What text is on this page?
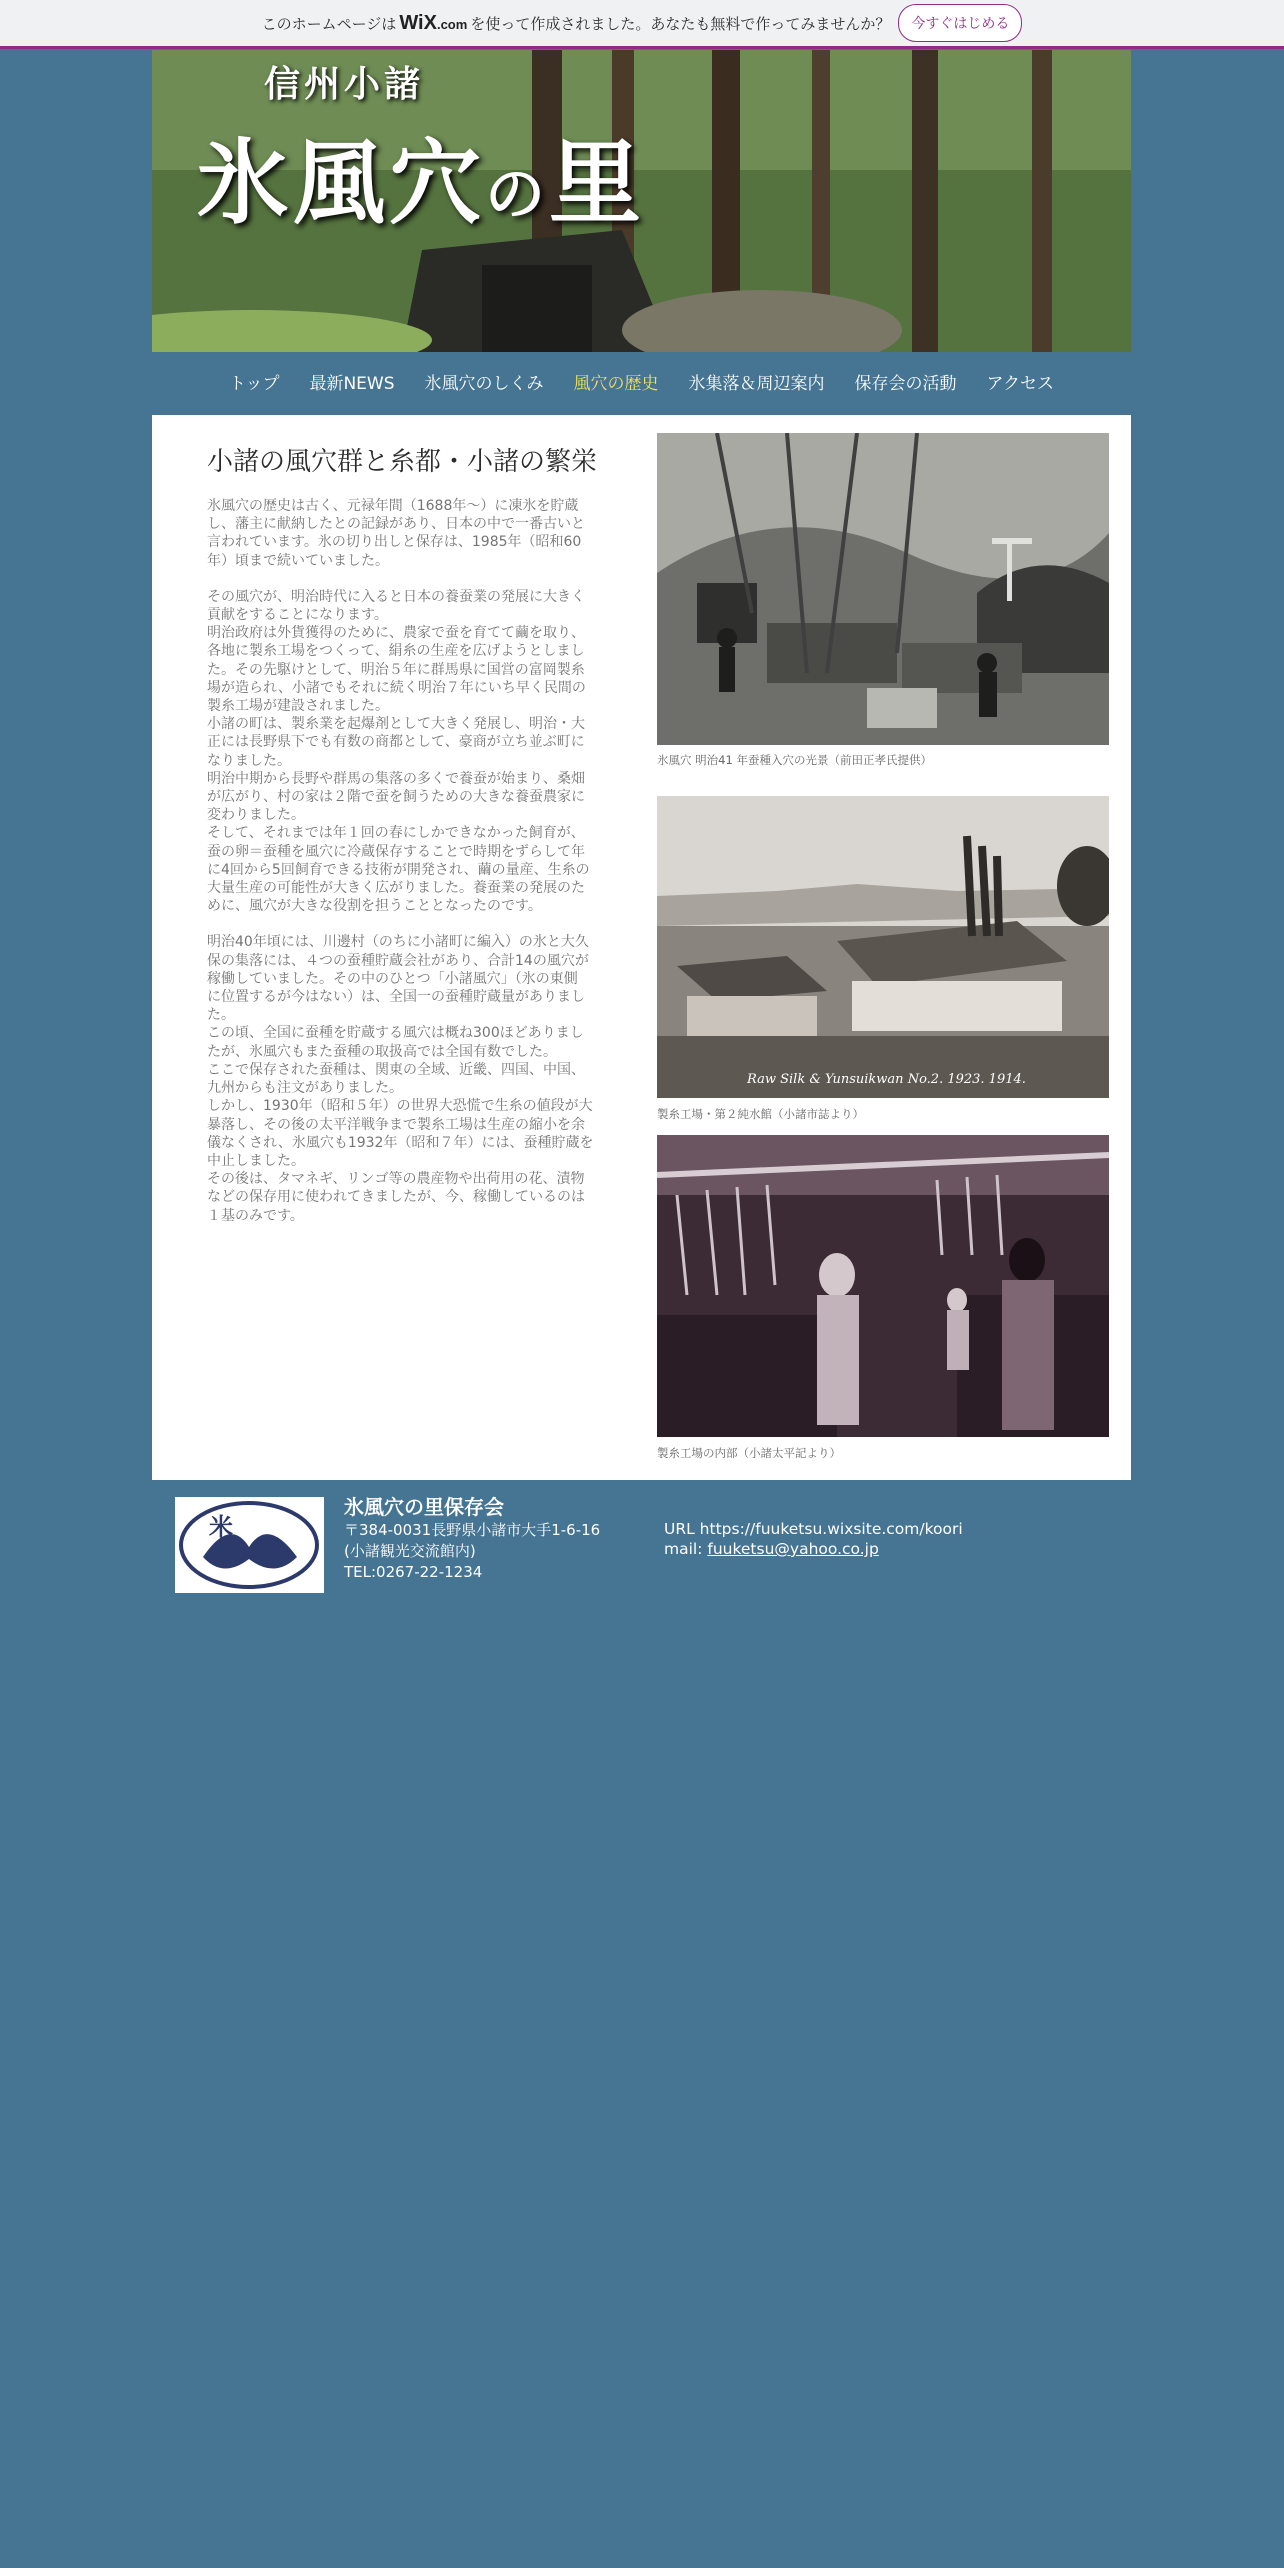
このホームページは WiX.com を使って作成されました。あなたも無料で作ってみませんか？	今すぐはじめる
信州小諸
氷風穴の里
トップ	最新NEWS	氷風穴のしくみ	風穴の歴史	氷集落＆周辺案内	保存会の活動	アクセス
小諸の風穴群と糸都・小諸の繁栄

氷風穴の歴史は古く、元禄年間（1688年～）に凍氷を貯蔵
し、藩主に献納したとの記録があり、日本の中で一番古いと
言われています。氷の切り出しと保存は、1985年（昭和60
年）頃まで続いていました。

その風穴が、明治時代に入ると日本の養蚕業の発展に大きく
貢献をすることになります。
明治政府は外貨獲得のために、農家で蚕を育てて繭を取り、
各地に製糸工場をつくって、絹糸の生産を広げようとしまし
た。その先駆けとして、明治５年に群馬県に国営の富岡製糸
場が造られ、小諸でもそれに続く明治７年にいち早く民間の
製糸工場が建設されました。
小諸の町は、製糸業を起爆剤として大きく発展し、明治・大
正には長野県下でも有数の商都として、豪商が立ち並ぶ町に
なりました。
明治中期から長野や群馬の集落の多くで養蚕が始まり、桑畑
が広がり、村の家は２階で蚕を飼うための大きな養蚕農家に
変わりました。
そして、それまでは年１回の春にしかできなかった飼育が、
蚕の卵＝蚕種を風穴に冷蔵保存することで時期をずらして年
に4回から5回飼育できる技術が開発され、繭の量産、生糸の
大量生産の可能性が大きく広がりました。養蚕業の発展のた
めに、風穴が大きな役割を担うこととなったのです。

明治40年頃には、川邊村（のちに小諸町に編入）の氷と大久
保の集落には、４つの蚕種貯蔵会社があり、合計14の風穴が
稼働していました。その中のひとつ「小諸風穴」（氷の東側
に位置するが今はない）は、全国一の蚕種貯蔵量がありまし
た。
この頃、全国に蚕種を貯蔵する風穴は概ね300ほどありまし
たが、氷風穴もまた蚕種の取扱高では全国有数でした。
ここで保存された蚕種は、関東の全域、近畿、四国、中国、
九州からも注文がありました。
しかし、1930年（昭和５年）の世界大恐慌で生糸の値段が大
暴落し、その後の太平洋戦争まで製糸工場は生産の縮小を余
儀なくされ、氷風穴も1932年（昭和７年）には、蚕種貯蔵を
中止しました。
その後は、タマネギ、リンゴ等の農産物や出荷用の花、漬物
などの保存用に使われてきましたが、今、稼働しているのは
１基のみです。

氷風穴 明治41 年蚕種入穴の光景（前田正孝氏提供）
Raw Silk & Yunsuikwan No.2. 1923. 1914.
製糸工場・第２純水館（小諸市誌より）
製糸工場の内部（小諸太平記より）
米
氷風穴の里保存会
〒384-0031長野県小諸市大手1-6-16
(小諸観光交流館内)
TEL:0267-22-1234
URL https://fuuketsu.wixsite.com/koori
mail: fuuketsu@yahoo.co.jp
